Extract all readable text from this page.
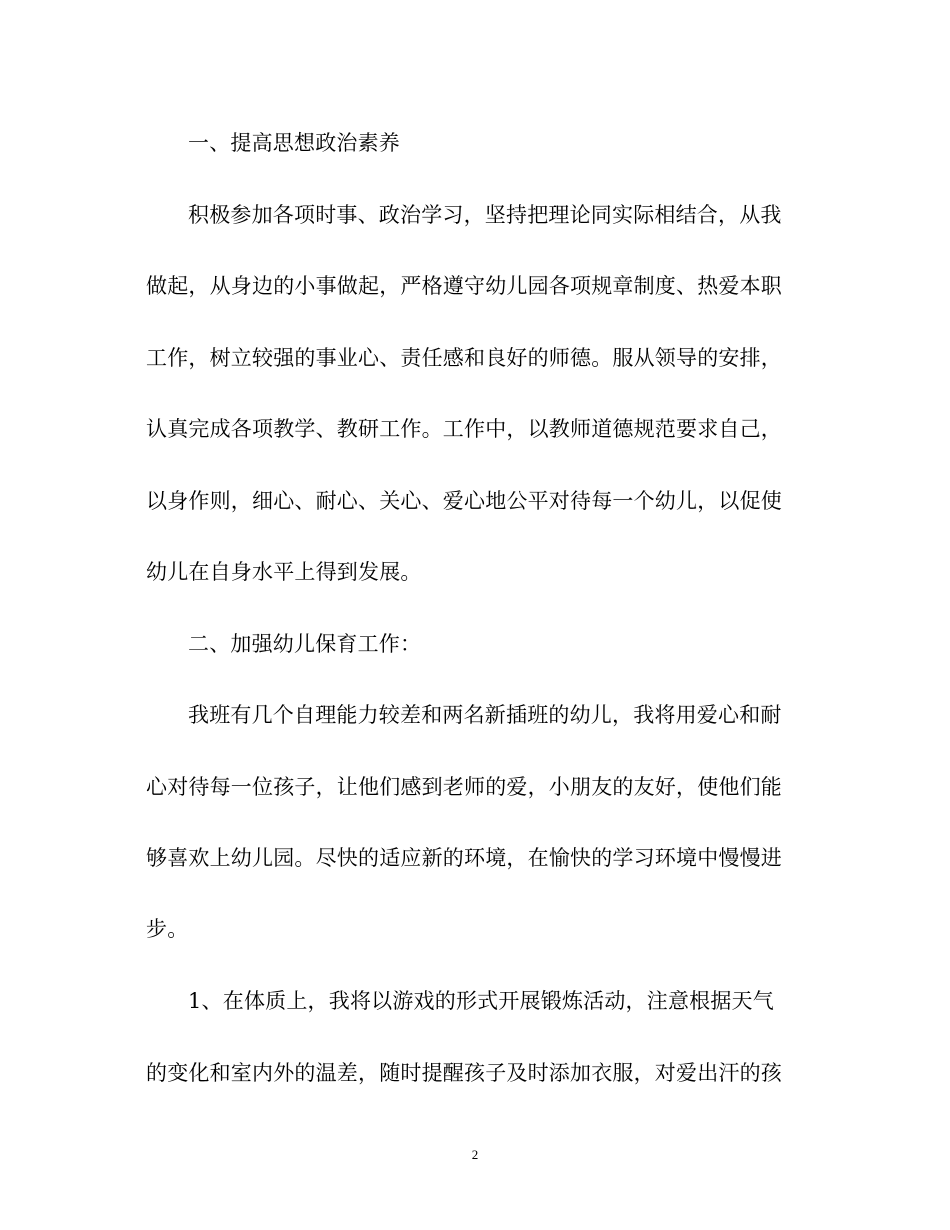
一、提高思想政治素养
积极参加各项时事、政治学习，坚持把理论同实际相结合，从我
做起，从身边的小事做起，严格遵守幼儿园各项规章制度、热爱本职
工作，树立较强的事业心、责任感和良好的师德。服从领导的安排，
认真完成各项教学、教研工作。工作中，以教师道德规范要求自己，
以身作则，细心、耐心、关心、爱心地公平对待每一个幼儿，以促使
幼儿在自身水平上得到发展。
二、加强幼儿保育工作：
我班有几个自理能力较差和两名新插班的幼儿，我将用爱心和耐
心对待每一位孩子，让他们感到老师的爱，小朋友的友好，使他们能
够喜欢上幼儿园。尽快的适应新的环境，在愉快的学习环境中慢慢进
步。
1、在体质上，我将以游戏的形式开展锻炼活动，注意根据天气
的变化和室内外的温差，随时提醒孩子及时添加衣服，对爱出汗的孩
2
